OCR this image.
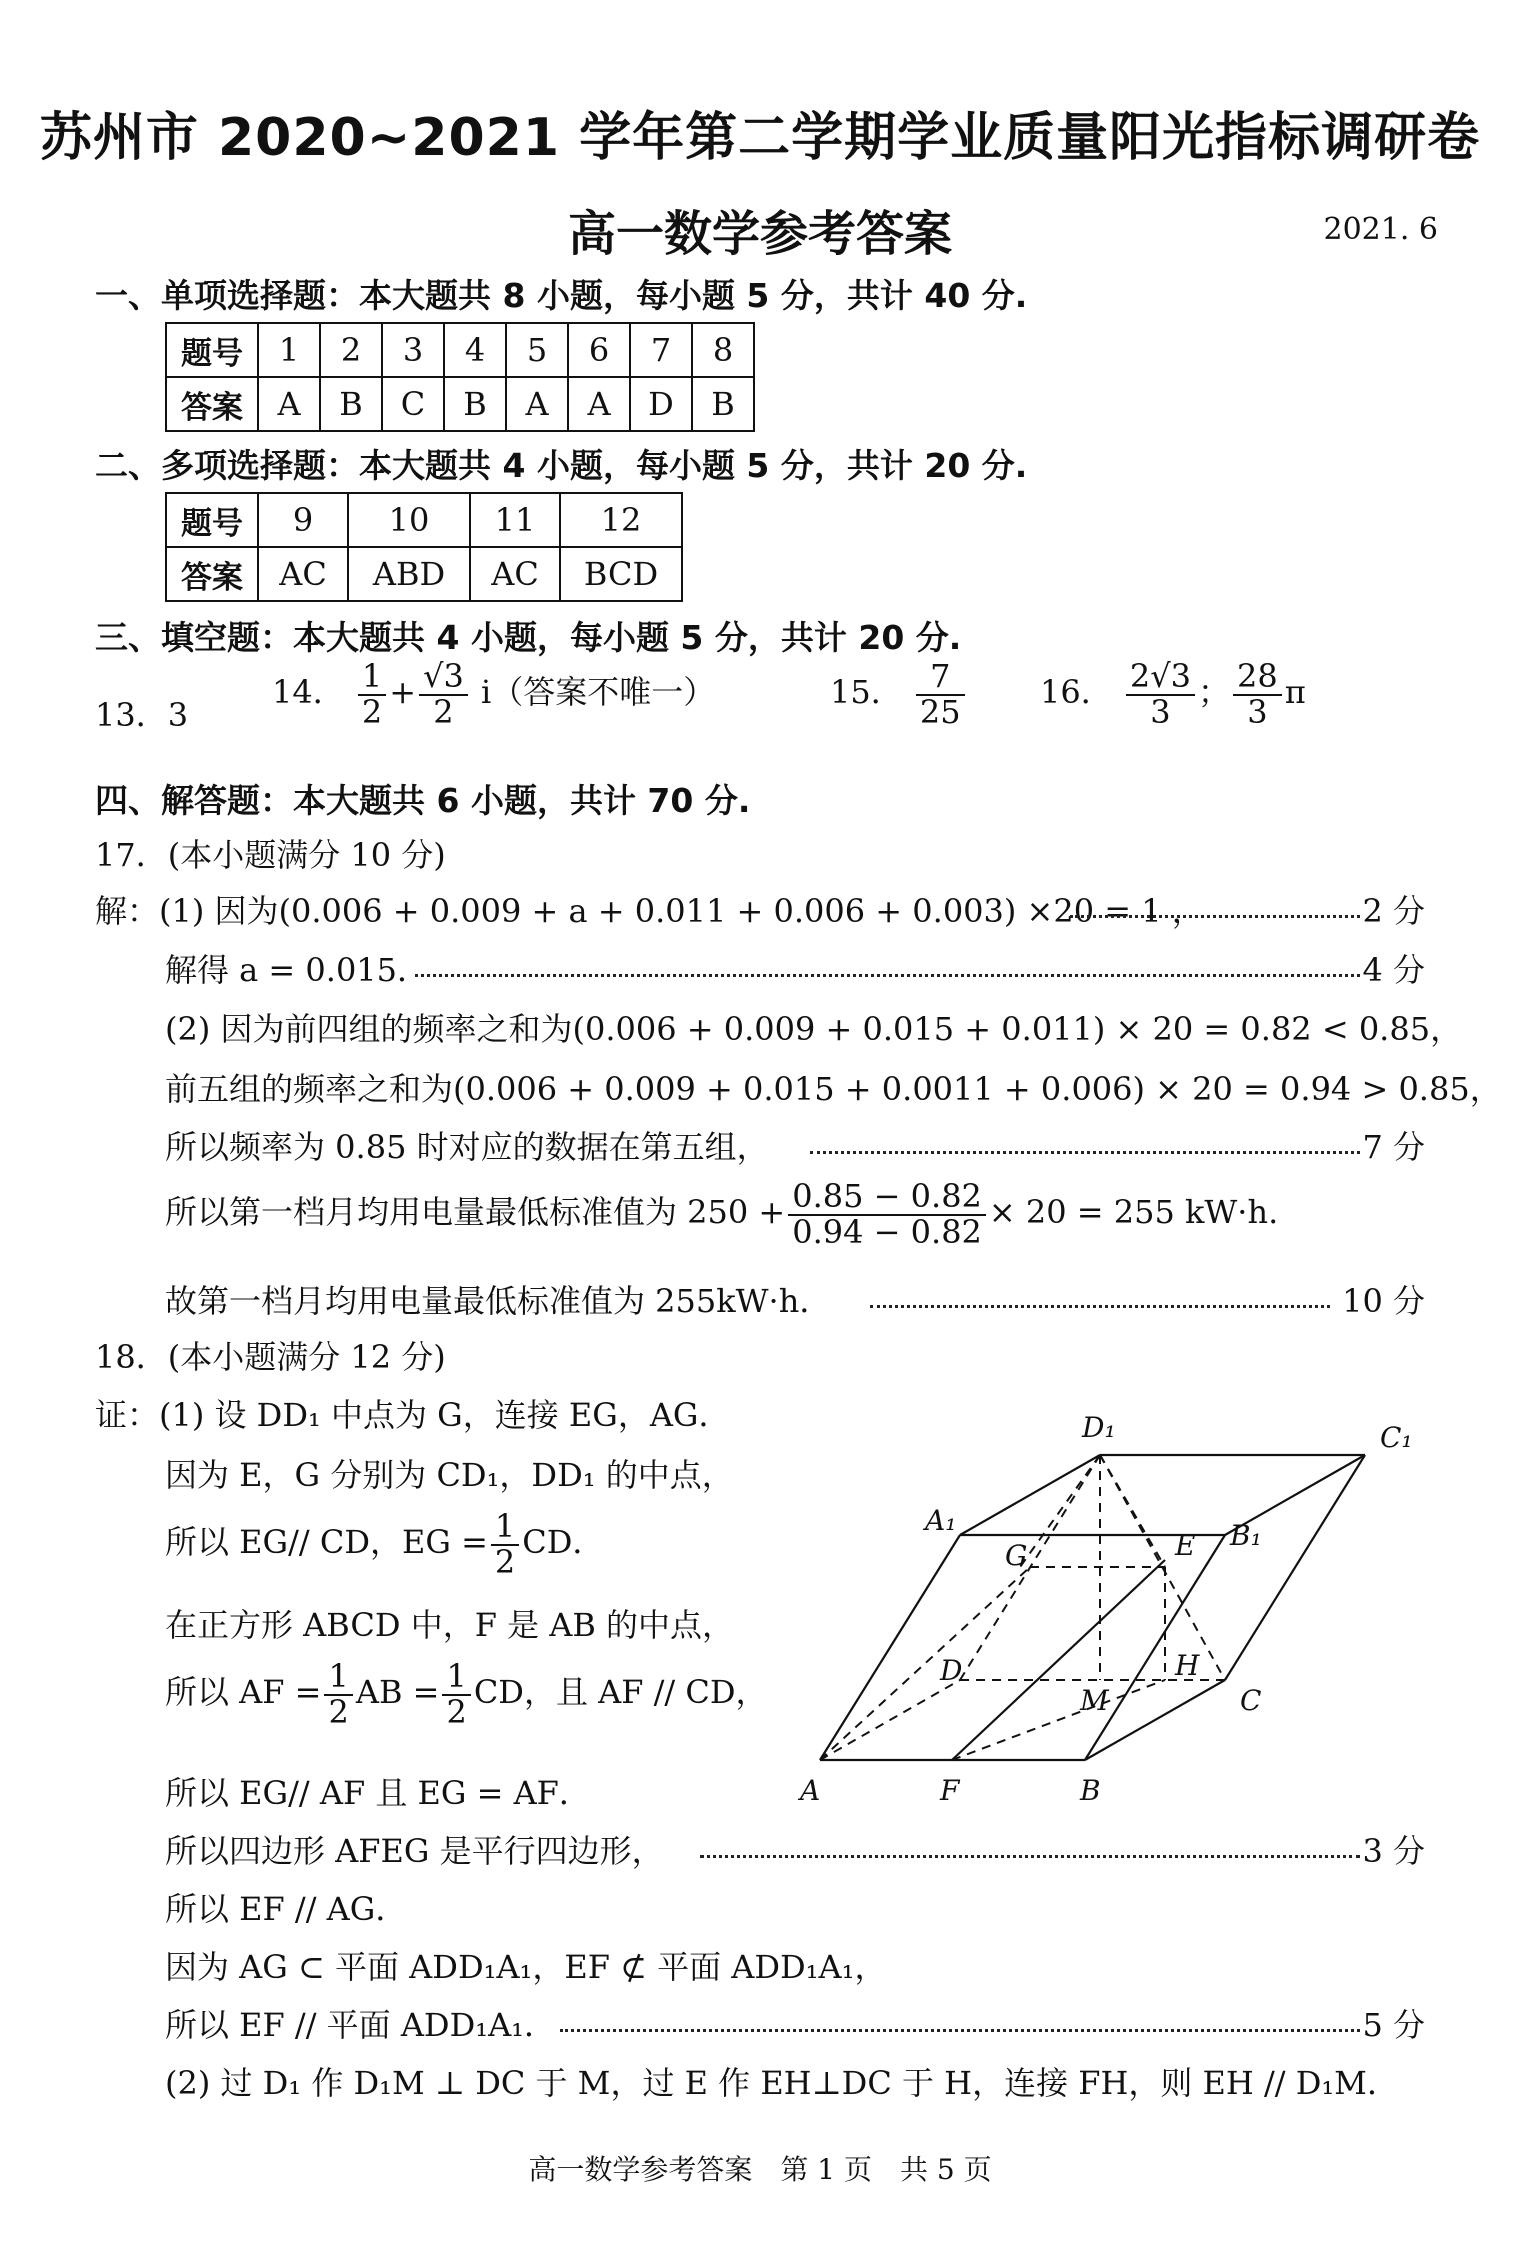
苏州市 2020~2021 学年第二学期学业质量阳光指标调研卷
高一数学参考答案	2021. 6
一、单项选择题：本大题共 8 小题，每小题 5 分，共计 40 分.
题号	1	2	3	4	5	6	7	8
答案	A	B	C	B	A	A	D	B
二、多项选择题：本大题共 4 小题，每小题 5 分，共计 20 分.
题号	9	10	11	12
答案	AC	ABD	AC	BCD
三、填空题：本大题共 4 小题，每小题 5 分，共计 20 分.
13．3
14． $\frac{1}{2} + \frac{√3}{2} i$（答案不唯一）	15． $\frac{7}{25} 16$． $\frac{2√3}{3}$ ； $\frac{28}{3}$ π
四、解答题：本大题共 6 小题，共计 70 分.
17．(本小题满分 10 分)
解：(1) 因为(0.006 + 0.009 + a + 0.011 + 0.006 + 0.003) ×20 = 1 ，	2 分
解得 a = 0.015．	4 分
(2) 因为前四组的频率之和为(0.006 + 0.009 + 0.015 + 0.011) × 20 = 0.82 < 0.85，
前五组的频率之和为(0.006 + 0.009 + 0.015 + 0.0011 + 0.006) × 20 = 0.94 > 0.85，
所以频率为 0.85 时对应的数据在第五组，	7 分
所以第一档月均用电量最低标准值为 $250 + \frac{0.85 - 0.82}{0.94 - 0.82} \times 20 = 255$ kW·h.
故第一档月均用电量最低标准值为 255kW·h．	10 分
18．(本小题满分 12 分)
证：(1) 设 DD₁ 中点为 G，连接 EG，AG．
因为 E，G 分别为 CD₁，DD₁ 的中点，
所以 EG// CD，EG = $\frac{1}{2}$ CD．
在正方形 ABCD 中，F 是 AB 的中点，
所以 AF = $\frac{1}{2}$ AB = $\frac{1}{2}$ CD，且 AF // CD，
所以 EG// AF 且 EG = AF．
所以四边形 AFEG 是平行四边形，	3 分
所以 EF // AG．
因为 AG ⊂ 平面 ADD₁A₁，EF ⊄ 平面 ADD₁A₁，
所以 EF // 平面 ADD₁A₁．	5 分
(2) 过 D₁ 作 D₁M ⊥ DC 于 M，过 E 作 EH⊥DC 于 H，连接 FH，则 EH // D₁M．
D₁	C₁
A₁	B₁
G	E
D	H
M	C
A	F	B
高一数学参考答案　第 1 页　共 5 页
